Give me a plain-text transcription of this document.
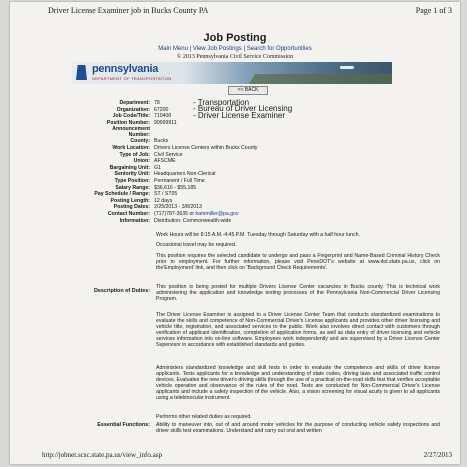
Driver License Examiner job in Bucks County PA	Page 1 of 3
Job Posting
Main Menu | View Job Postings | Search for Opportunities
© 2013 Pennsylvania Civil Service Commission
pennsylvania
DEPARTMENT OF TRANSPORTATION
<< BACK
Department: 78	- Transportation
Organization: 67200	- Bureau of Driver Licensing
Job Code/Title: 710400	- Driver License Examiner
Position Number: 99999911
Announcement Number:
County: Bucks
Work Location: Drivers License Centers within Bucks County
Type of Job: Civil Service
Union: AFSCME
Bargaining Unit: G1
Seniority Unit: Headquarters Non-Clerical
Type Position: Permanent / Full Time
Salary Range: $36,616 - $55,185
Pay Schedule / Range: ST / ST05
Posting Length: 12 days
Posting Dates: 2/25/2013 - 3/8/2013
Contact Number: (717)787-3635 or kammiller@pa.gov
Information: Distribution: Commonwealth-wide
Description of Duties:
Work Hours will be 8:15 A.M.-4:45 P.M. Tuesday through Saturday with a half hour lunch.
Occasional travel may be required.
This position requires the selected candidate to undergo and pass a Fingerprint and Name-Based Criminal History Check prior to employment. For further information, please visit PennDOT's website at www.dot.state.pa.us, click on the'Employment' link, and then click on 'Background Check Requirements'.
This position is being posted for multiple Drivers License Center vacancies in Bucks county. This is technical work administering the application and knowledge testing processes of the Pennsylvania Non-Commercial Driver Licensing Program.
The Driver License Examiner is assigned to a Driver License Center Team that conducts standardized examinations to evaluate the skills and competence of Non-Commercial Driver's License applicants and provides other driver licensing and vehicle title, registration, and associated services to the public. Work also involves direct contact with customers through verification of applicant identification, completion of application forms, as well as data entry of driver licensing and vehicle services information into on-line software. Employees work independently and are supervised by a Driver License Center Supervisor in accordance with established standards and guides.
Administers standardized knowledge and skill tests in order to evaluate the competence and skills of driver license applicants. Tests applicants for a knowledge and understanding of state codes, driving laws and associated traffic control devices. Evaluates the new driver's driving skills through the use of a practical on-the-road skills test that verifies acceptable vehicle operation and observance of the rules of the road. Tests are conducted for Non-Commercial Driver's License applicants and include a safety inspection of the vehicle. Also, a vision screening for visual acuity is given to all applicants using a telebinocular instrument.
Performs other related duties as required.
Essential Functions: Ability to maneuver into, out of and around motor vehicles for the purpose of conducting vehicle safety inspections and driver skills test examinations. Understand and carry out oral and written
http://jobnet.scsc.state.pa.us/view_info.asp	2/27/2013
